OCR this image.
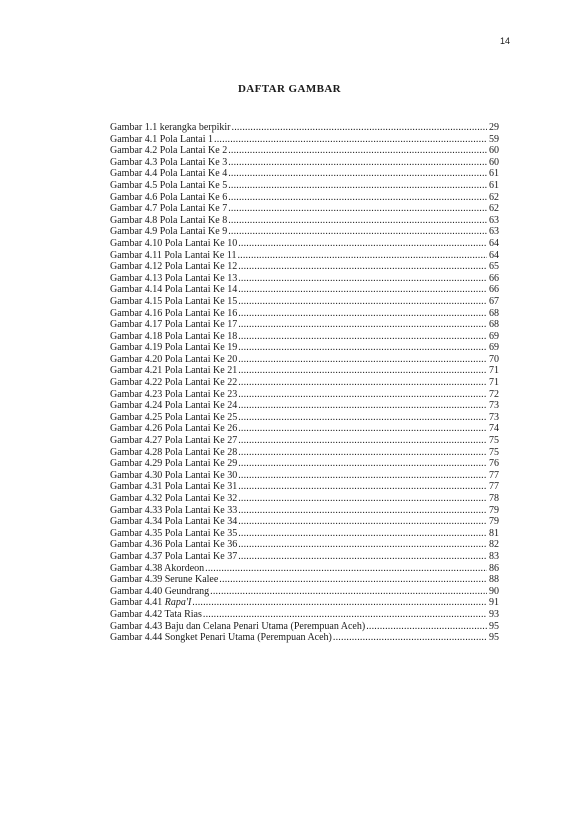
14
DAFTAR GAMBAR
Gambar 1.1 kerangka berpikir .....	29
Gambar 4.1 Pola Lantai 1 .....	59
Gambar 4.2 Pola Lantai Ke 2 .....	60
Gambar 4.3 Pola Lantai Ke 3 .....	60
Gambar 4.4 Pola Lantai Ke 4 .....	61
Gambar 4.5 Pola Lantai Ke 5 .....	61
Gambar 4.6 Pola Lantai Ke 6 .....	62
Gambar 4.7 Pola Lantai Ke 7 .....	62
Gambar 4.8 Pola Lantai Ke 8 .....	63
Gambar 4.9 Pola Lantai Ke 9 .....	63
Gambar 4.10 Pola Lantai Ke 10 .....	64
Gambar 4.11 Pola Lantai Ke 11 .....	64
Gambar 4.12 Pola Lantai Ke 12 .....	65
Gambar 4.13 Pola Lantai Ke 13 .....	66
Gambar 4.14 Pola Lantai Ke 14 .....	66
Gambar 4.15 Pola Lantai Ke 15 .....	67
Gambar 4.16 Pola Lantai Ke 16 .....	68
Gambar 4.17 Pola Lantai Ke 17 .....	68
Gambar 4.18 Pola Lantai Ke 18 .....	69
Gambar 4.19 Pola Lantai Ke 19 .....	69
Gambar 4.20 Pola Lantai Ke 20 .....	70
Gambar 4.21 Pola Lantai Ke 21 .....	71
Gambar 4.22 Pola Lantai Ke 22 .....	71
Gambar 4.23 Pola Lantai Ke 23 .....	72
Gambar 4.24 Pola Lantai Ke 24 .....	73
Gambar 4.25 Pola Lantai Ke 25 .....	73
Gambar 4.26 Pola Lantai Ke 26 .....	74
Gambar 4.27 Pola Lantai Ke 27 .....	75
Gambar 4.28 Pola Lantai Ke 28 .....	75
Gambar 4.29 Pola Lantai Ke 29 .....	76
Gambar 4.30 Pola Lantai Ke 30 .....	77
Gambar 4.31 Pola Lantai Ke 31 .....	77
Gambar 4.32 Pola Lantai Ke 32 .....	78
Gambar 4.33 Pola Lantai Ke 33 .....	79
Gambar 4.34 Pola Lantai Ke 34 .....	79
Gambar 4.35 Pola Lantai Ke 35 .....	81
Gambar 4.36 Pola Lantai Ke 36 .....	82
Gambar 4.37 Pola Lantai Ke 37 .....	83
Gambar 4.38 Akordeon .....	86
Gambar 4.39 Serune Kalee .....	88
Gambar 4.40 Geundrang .....	90
Gambar 4.41 Rapa'I .....	91
Gambar 4.42 Tata Rias .....	93
Gambar 4.43 Baju dan Celana Penari Utama (Perempuan Aceh) .....	95
Gambar 4.44 Songket Penari Utama (Perempuan Aceh) .....	95
